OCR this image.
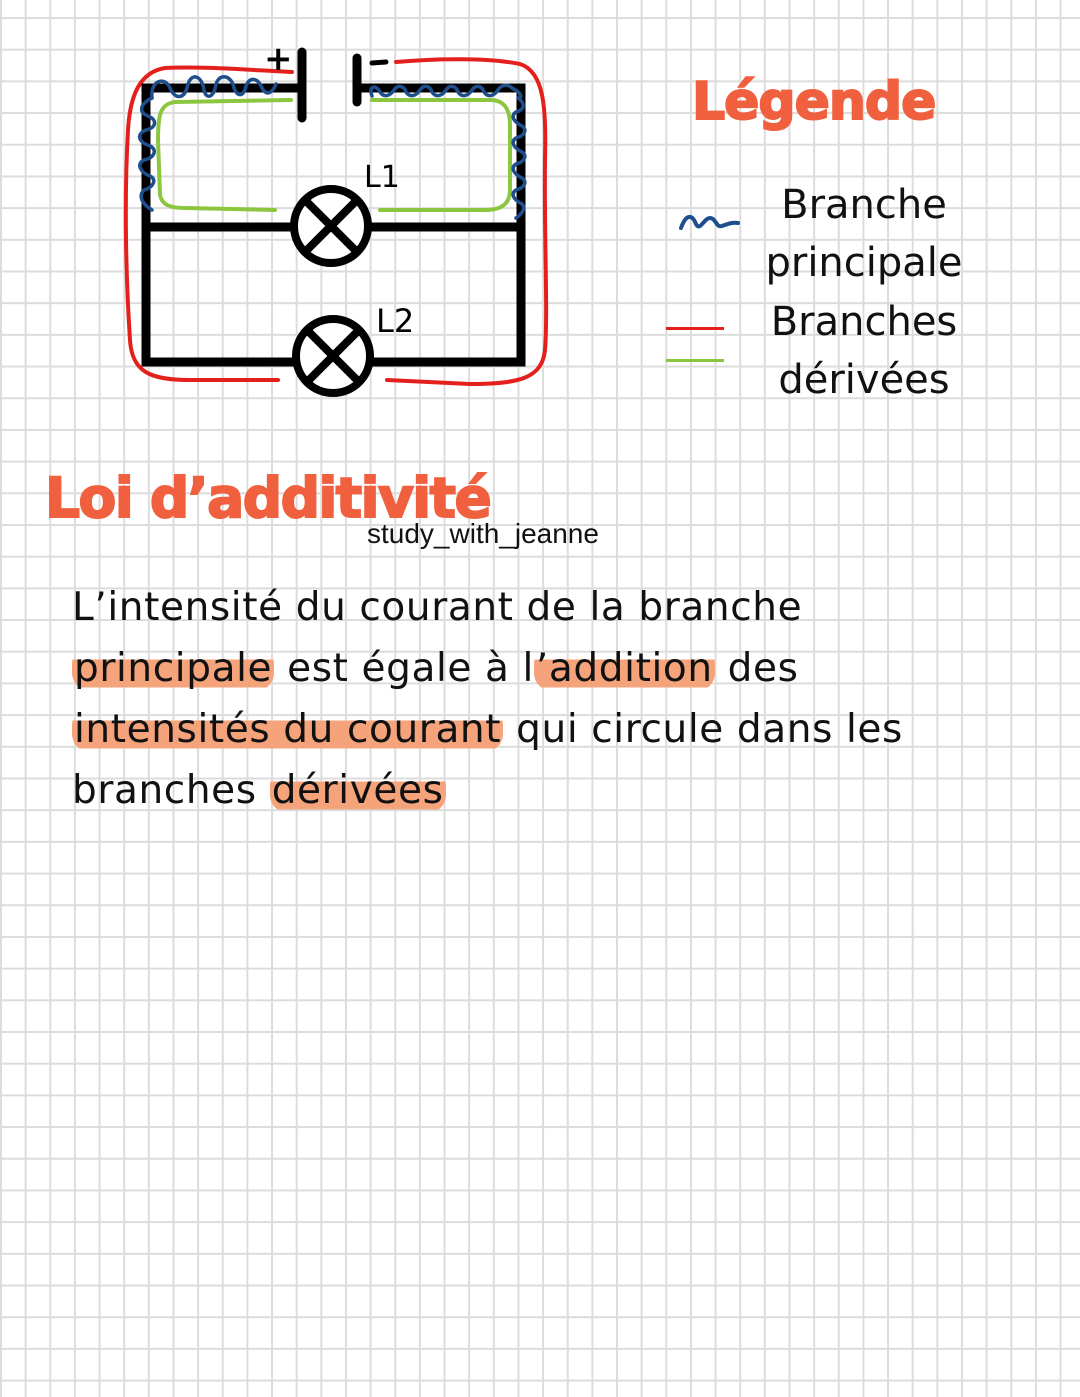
+
L1
L2
Légende
Branche
principale
Branches
dérivées
Loi d’additivité
study_with_jeanne
L’intensité du courant de la branche
principale est égale à l’addition des
intensités du courant qui circule dans les
branches dérivées
